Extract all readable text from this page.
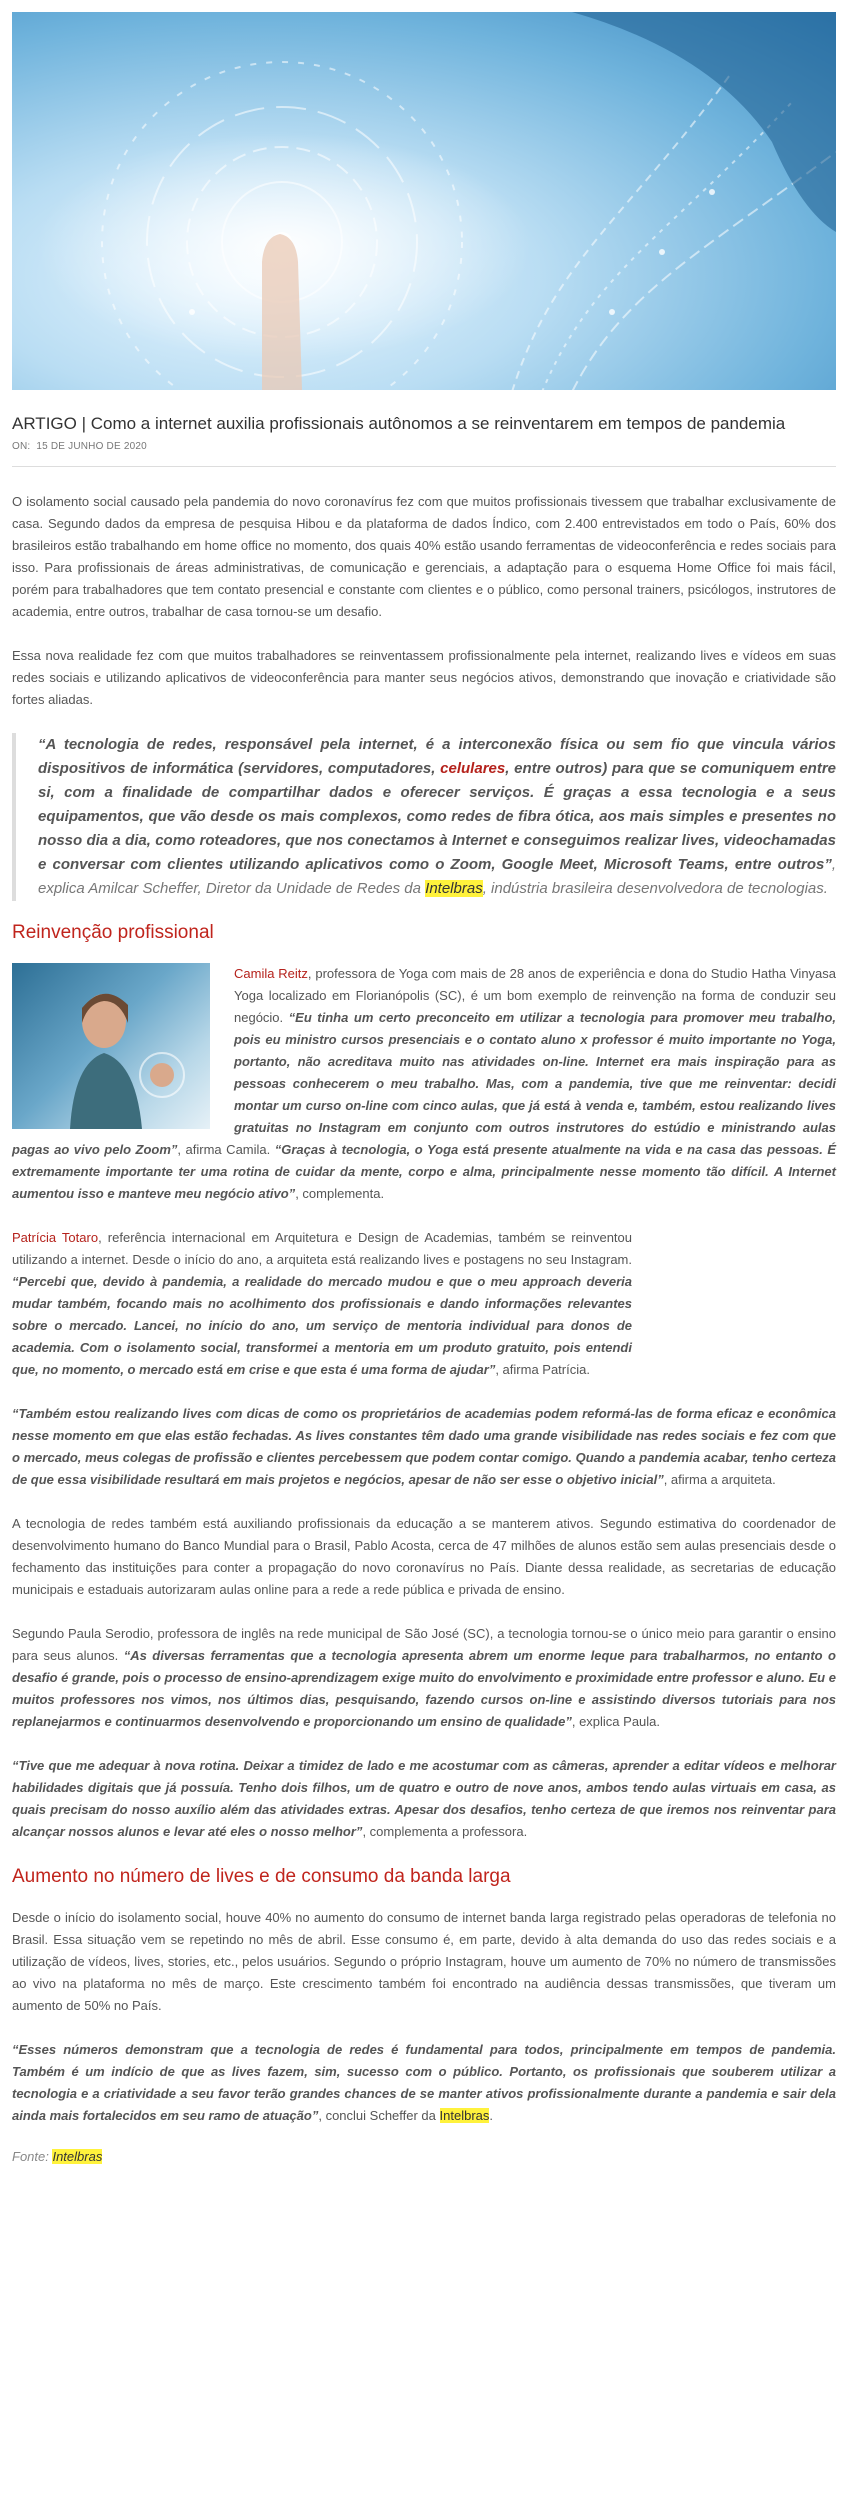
ARTIGO | Como a internet auxilia profissionais autônomos a se reinventarem em tempos de pandemia
ON: 15 DE JUNHO DE 2020

O isolamento social causado pela pandemia do novo coronavírus fez com que muitos profissionais tivessem que trabalhar exclusivamente de casa. Segundo dados da empresa de pesquisa Hibou e da plataforma de dados Índico, com 2.400 entrevistados em todo o País, 60% dos brasileiros estão trabalhando em home office no momento, dos quais 40% estão usando ferramentas de videoconferência e redes sociais para isso. Para profissionais de áreas administrativas, de comunicação e gerenciais, a adaptação para o esquema Home Office foi mais fácil, porém para trabalhadores que tem contato presencial e constante com clientes e o público, como personal trainers, psicólogos, instrutores de academia, entre outros, trabalhar de casa tornou-se um desafio.

Essa nova realidade fez com que muitos trabalhadores se reinventassem profissionalmente pela internet, realizando lives e vídeos em suas redes sociais e utilizando aplicativos de videoconferência para manter seus negócios ativos, demonstrando que inovação e criatividade são fortes aliadas.

“A tecnologia de redes, responsável pela internet, é a interconexão física ou sem fio que vincula vários dispositivos de informática (servidores, computadores, celulares, entre outros) para que se comuniquem entre si, com a finalidade de compartilhar dados e oferecer serviços. É graças a essa tecnologia e a seus equipamentos, que vão desde os mais complexos, como redes de fibra ótica, aos mais simples e presentes no nosso dia a dia, como roteadores, que nos conectamos à Internet e conseguimos realizar lives, videochamadas e conversar com clientes utilizando aplicativos como o Zoom, Google Meet, Microsoft Teams, entre outros”, explica Amilcar Scheffer, Diretor da Unidade de Redes da Intelbras, indústria brasileira desenvolvedora de tecnologias.

Reinvenção profissional

Camila Reitz, professora de Yoga com mais de 28 anos de experiência e dona do Studio Hatha Vinyasa Yoga localizado em Florianópolis (SC), é um bom exemplo de reinvenção na forma de conduzir seu negócio. “Eu tinha um certo preconceito em utilizar a tecnologia para promover meu trabalho, pois eu ministro cursos presenciais e o contato aluno x professor é muito importante no Yoga, portanto, não acreditava muito nas atividades on-line. Internet era mais inspiração para as pessoas conhecerem o meu trabalho. Mas, com a pandemia, tive que me reinventar: decidi montar um curso on-line com cinco aulas, que já está à venda e, também, estou realizando lives gratuitas no Instagram em conjunto com outros instrutores do estúdio e ministrando aulas pagas ao vivo pelo Zoom”, afirma Camila. “Graças à tecnologia, o Yoga está presente atualmente na vida e na casa das pessoas. É extremamente importante ter uma rotina de cuidar da mente, corpo e alma, principalmente nesse momento tão difícil. A Internet aumentou isso e manteve meu negócio ativo”, complementa.

Patrícia Totaro, referência internacional em Arquitetura e Design de Academias, também se reinventou utilizando a internet. Desde o início do ano, a arquiteta está realizando lives e postagens no seu Instagram. “Percebi que, devido à pandemia, a realidade do mercado mudou e que o meu approach deveria mudar também, focando mais no acolhimento dos profissionais e dando informações relevantes sobre o mercado. Lancei, no início do ano, um serviço de mentoria individual para donos de academia. Com o isolamento social, transformei a mentoria em um produto gratuito, pois entendi que, no momento, o mercado está em crise e que esta é uma forma de ajudar”, afirma Patrícia.

“Também estou realizando lives com dicas de como os proprietários de academias podem reformá-las de forma eficaz e econômica nesse momento em que elas estão fechadas. As lives constantes têm dado uma grande visibilidade nas redes sociais e fez com que o mercado, meus colegas de profissão e clientes percebessem que podem contar comigo. Quando a pandemia acabar, tenho certeza de que essa visibilidade resultará em mais projetos e negócios, apesar de não ser esse o objetivo inicial”, afirma a arquiteta.

A tecnologia de redes também está auxiliando profissionais da educação a se manterem ativos. Segundo estimativa do coordenador de desenvolvimento humano do Banco Mundial para o Brasil, Pablo Acosta, cerca de 47 milhões de alunos estão sem aulas presenciais desde o fechamento das instituições para conter a propagação do novo coronavírus no País. Diante dessa realidade, as secretarias de educação municipais e estaduais autorizaram aulas online para a rede a rede pública e privada de ensino.

Segundo Paula Serodio, professora de inglês na rede municipal de São José (SC), a tecnologia tornou-se o único meio para garantir o ensino para seus alunos. “As diversas ferramentas que a tecnologia apresenta abrem um enorme leque para trabalharmos, no entanto o desafio é grande, pois o processo de ensino-aprendizagem exige muito do envolvimento e proximidade entre professor e aluno. Eu e muitos professores nos vimos, nos últimos dias, pesquisando, fazendo cursos on-line e assistindo diversos tutoriais para nos replanejarmos e continuarmos desenvolvendo e proporcionando um ensino de qualidade”, explica Paula.

“Tive que me adequar à nova rotina. Deixar a timidez de lado e me acostumar com as câmeras, aprender a editar vídeos e melhorar habilidades digitais que já possuía. Tenho dois filhos, um de quatro e outro de nove anos, ambos tendo aulas virtuais em casa, as quais precisam do nosso auxílio além das atividades extras. Apesar dos desafios, tenho certeza de que iremos nos reinventar para alcançar nossos alunos e levar até eles o nosso melhor”, complementa a professora.

Aumento no número de lives e de consumo da banda larga

Desde o início do isolamento social, houve 40% no aumento do consumo de internet banda larga registrado pelas operadoras de telefonia no Brasil. Essa situação vem se repetindo no mês de abril. Esse consumo é, em parte, devido à alta demanda do uso das redes sociais e a utilização de vídeos, lives, stories, etc., pelos usuários. Segundo o próprio Instagram, houve um aumento de 70% no número de transmissões ao vivo na plataforma no mês de março. Este crescimento também foi encontrado na audiência dessas transmissões, que tiveram um aumento de 50% no País.

“Esses números demonstram que a tecnologia de redes é fundamental para todos, principalmente em tempos de pandemia. Também é um indício de que as lives fazem, sim, sucesso com o público. Portanto, os profissionais que souberem utilizar a tecnologia e a criatividade a seu favor terão grandes chances de se manter ativos profissionalmente durante a pandemia e sair dela ainda mais fortalecidos em seu ramo de atuação”, conclui Scheffer da Intelbras.

Fonte: Intelbras
